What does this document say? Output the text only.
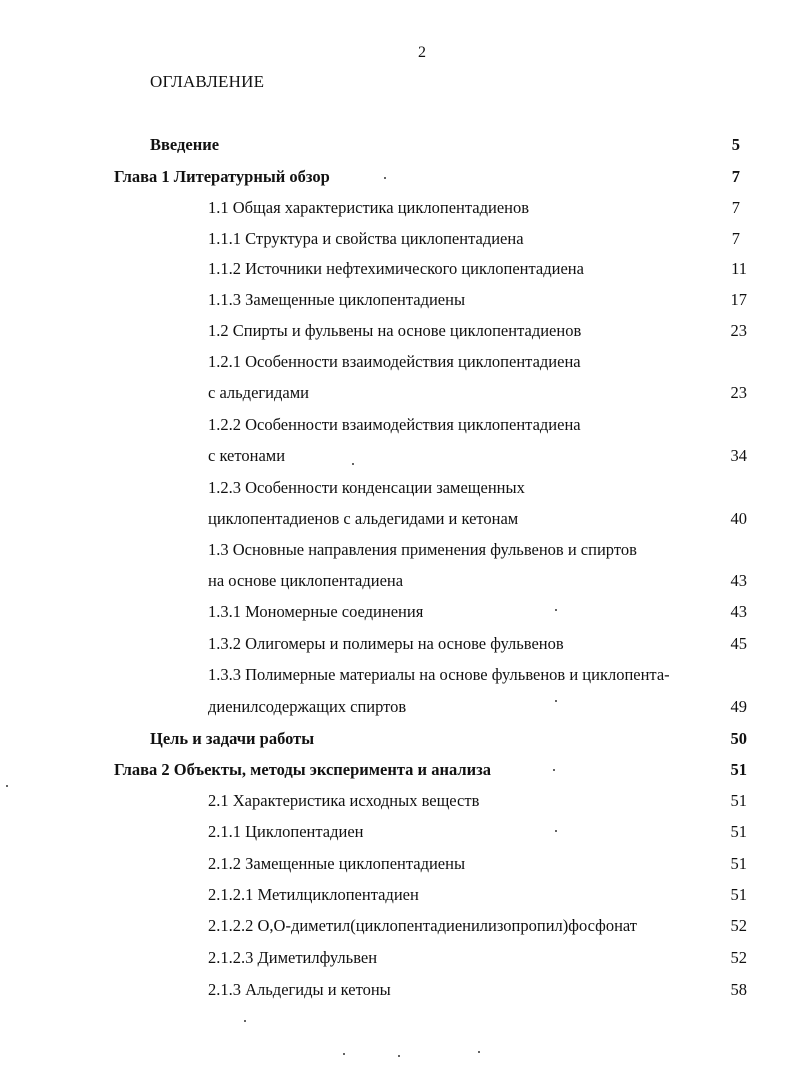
2
ОГЛАВЛЕНИЕ
Введение	5
Глава 1 Литературный обзор	7
1.1 Общая характеристика циклопентадиенов	7
1.1.1 Структура и свойства циклопентадиена	7
1.1.2 Источники нефтехимического циклопентадиена	11
1.1.3 Замещенные циклопентадиены	17
1.2 Спирты и фульвены на основе циклопентадиенов	23
1.2.1 Особенности взаимодействия циклопентадиена
с альдегидами	23
1.2.2 Особенности взаимодействия циклопентадиена
с кетонами	34
1.2.3 Особенности конденсации замещенных
циклопентадиенов с альдегидами и кетонам	40
1.3 Основные направления применения фульвенов и спиртов
на основе циклопентадиена	43
1.3.1 Мономерные соединения	43
1.3.2 Олигомеры и полимеры на основе фульвенов	45
1.3.3 Полимерные материалы на основе фульвенов и циклопента-
диенилсодержащих спиртов	49
Цель и задачи работы	50
Глава 2 Объекты, методы эксперимента и анализа	51
2.1 Характеристика исходных веществ	51
2.1.1 Циклопентадиен	51
2.1.2 Замещенные циклопентадиены	51
2.1.2.1 Метилциклопентадиен	51
2.1.2.2 О,О-диметил(циклопентадиенилизопропил)фосфонат	52
2.1.2.3 Диметилфульвен	52
2.1.3 Альдегиды и кетоны	58
